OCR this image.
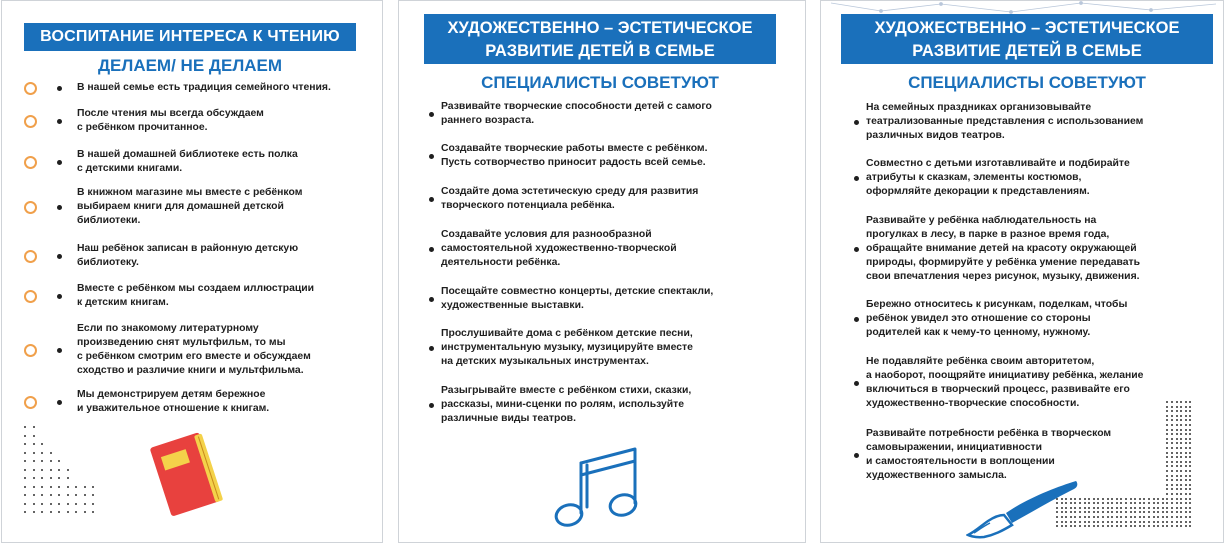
ВОСПИТАНИЕ ИНТЕРЕСА К ЧТЕНИЮ
ДЕЛАЕМ/ НЕ ДЕЛАЕМ
В нашей семье есть традиция семейного чтения.
После чтения мы всегда обсуждаем
с ребёнком прочитанное.
В нашей домашней библиотеке есть полка
с детскими книгами.
В книжном магазине мы вместе с ребёнком
выбираем книги для домашней детской
библиотеки.
Наш ребёнок записан в районную детскую
библиотеку.
Вместе с ребёнком мы создаем иллюстрации
к детским книгам.
Если по знакомому литературному
произведению снят мультфильм, то мы
с ребёнком смотрим его вместе и обсуждаем
сходство и различие книги и мультфильма.
Мы демонстрируем детям бережное
и уважительное отношение к книгам.
ХУДОЖЕСТВЕННО – ЭСТЕТИЧЕСКОЕ
РАЗВИТИЕ ДЕТЕЙ В СЕМЬЕ
СПЕЦИАЛИСТЫ СОВЕТУЮТ
Развивайте творческие способности детей с самого
раннего возраста.
Создавайте творческие работы вместе с ребёнком.
Пусть сотворчество приносит радость всей семье.
Создайте дома эстетическую среду для развития
творческого потенциала ребёнка.
Создавайте условия для разнообразной
самостоятельной художественно-творческой
деятельности ребёнка.
Посещайте совместно концерты, детские спектакли,
художественные выставки.
Прослушивайте дома с ребёнком детские песни,
инструментальную музыку, музицируйте вместе
на детских музыкальных инструментах.
Разыгрывайте вместе с ребёнком стихи, сказки,
рассказы, мини-сценки по ролям, используйте
различные виды театров.
ХУДОЖЕСТВЕННО – ЭСТЕТИЧЕСКОЕ
РАЗВИТИЕ ДЕТЕЙ В СЕМЬЕ
СПЕЦИАЛИСТЫ СОВЕТУЮТ
На семейных праздниках организовывайте
театрализованные представления с использованием
различных видов театров.
Совместно с детьми изготавливайте и подбирайте
атрибуты к сказкам, элементы костюмов,
оформляйте декорации к представлениям.
Развивайте у ребёнка наблюдательность на
прогулках в лесу, в парке в разное время года,
обращайте внимание детей на красоту окружающей
природы, формируйте у ребёнка умение передавать
свои впечатления через рисунок, музыку, движения.
Бережно относитесь к рисункам, поделкам, чтобы
ребёнок увидел это отношение со стороны
родителей как к чему-то ценному, нужному.
Не подавляйте ребёнка своим авторитетом,
а наоборот, поощряйте инициативу ребёнка, желание
включиться в творческий процесс, развивайте его
художественно-творческие способности.
Развивайте потребности ребёнка в творческом
самовыражении, инициативности
и самостоятельности в воплощении
художественного замысла.
